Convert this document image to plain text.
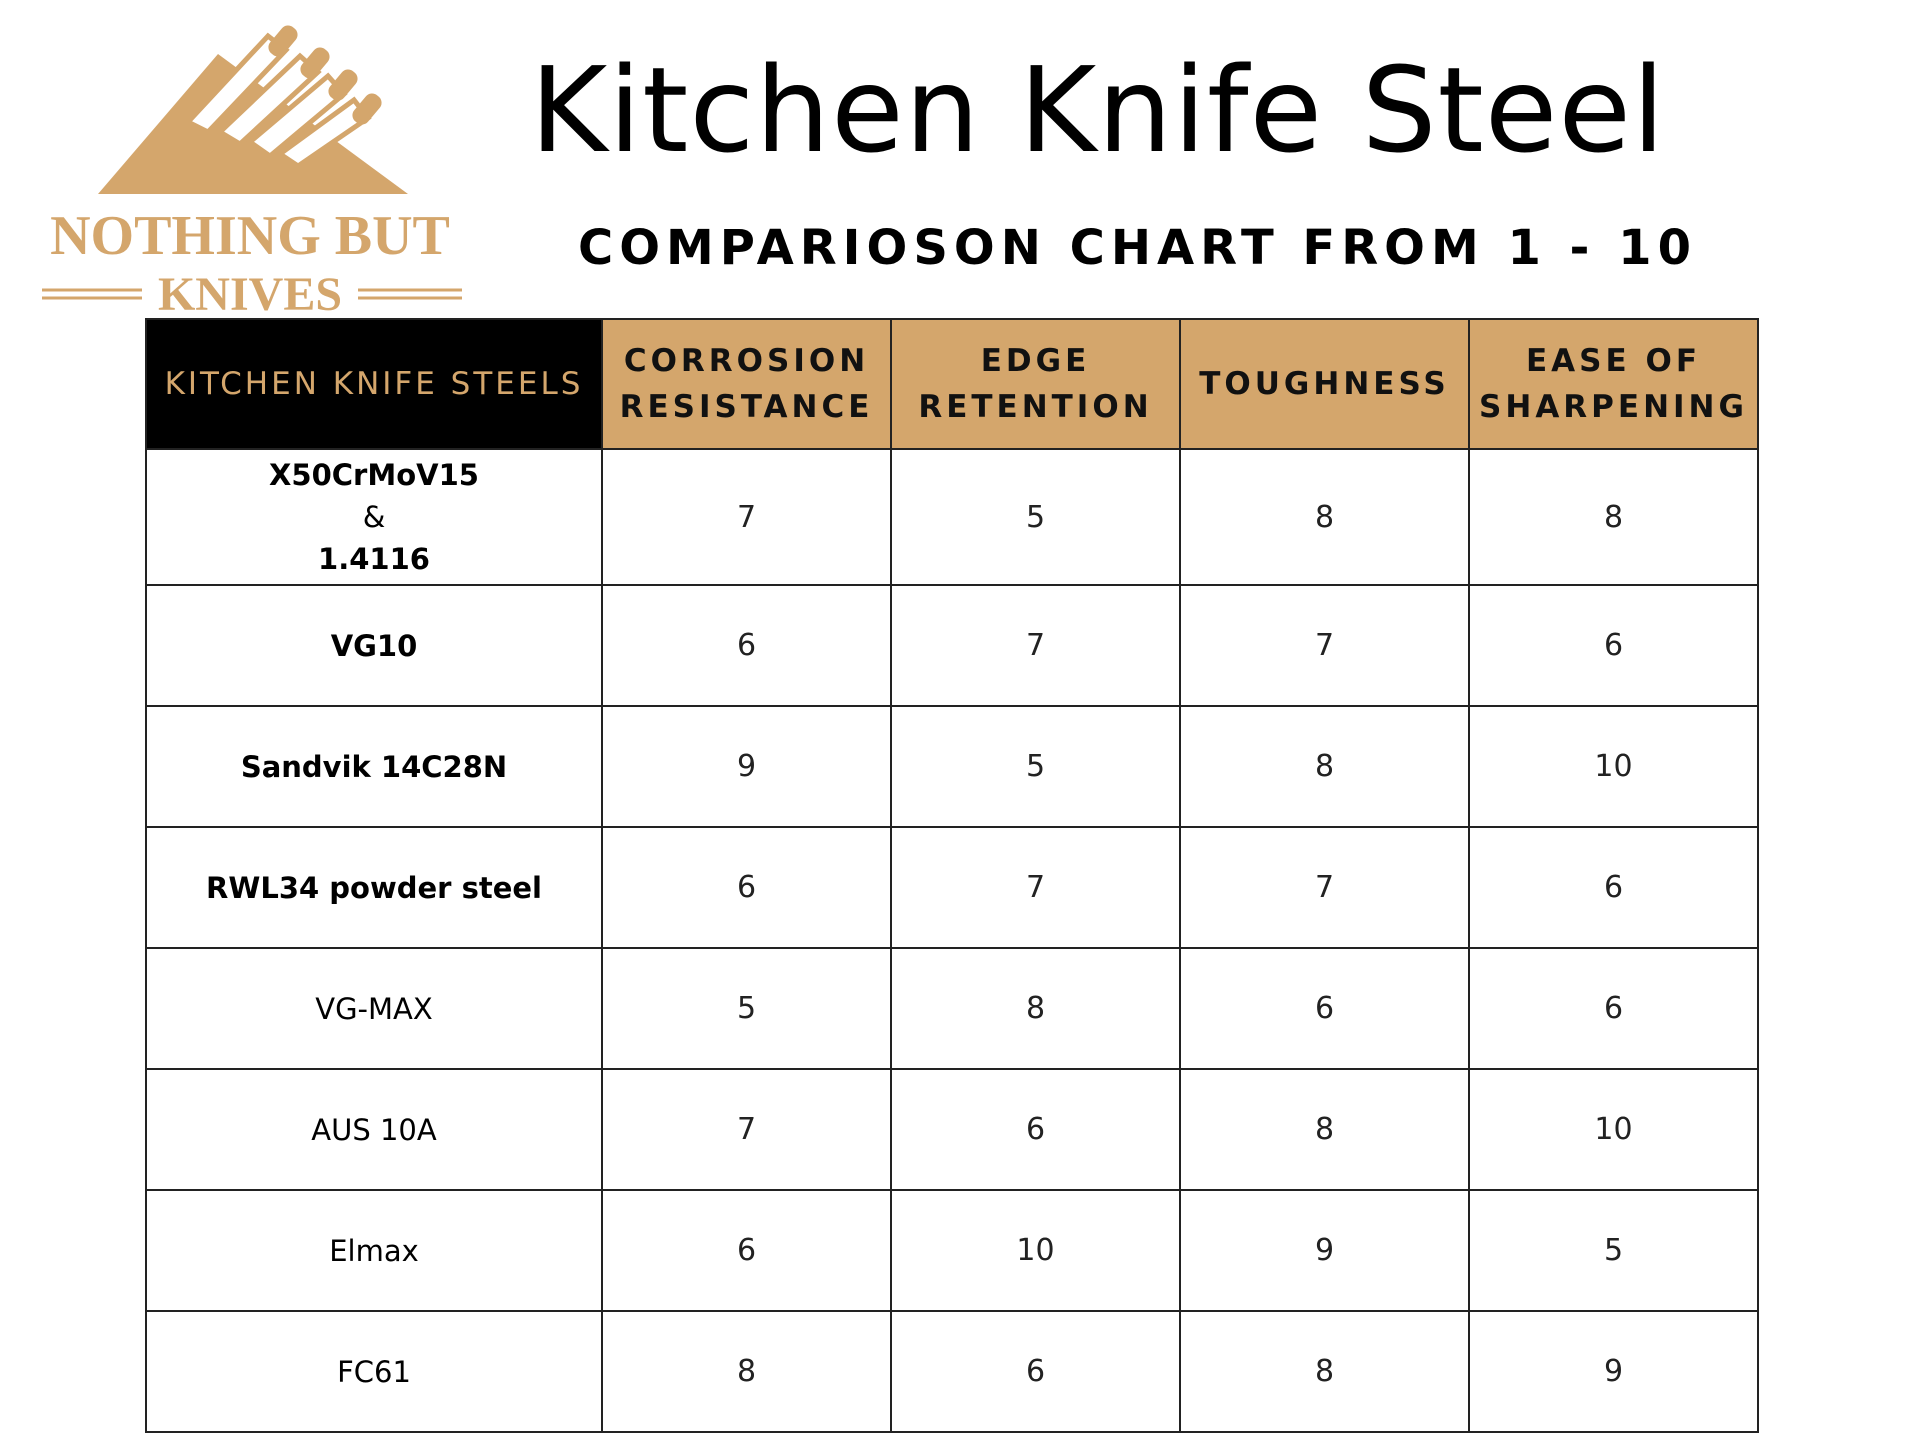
NOTHING BUT
KNIVES
Kitchen Knife Steel
COMPARIOSON CHART FROM 1 - 10
KITCHEN KNIFE STEELS	CORROSION RESISTANCE	EDGE RETENTION	TOUGHNESS	EASE OF SHARPENING

X50CrMoV15
&
1.4116	7	5	8	8
VG10	6	7	7	6
Sandvik 14C28N	9	5	8	10
RWL34 powder steel	6	7	7	6
VG-MAX	5	8	6	6
AUS 10A	7	6	8	10
Elmax	6	10	9	5
FC61	8	6	8	9
